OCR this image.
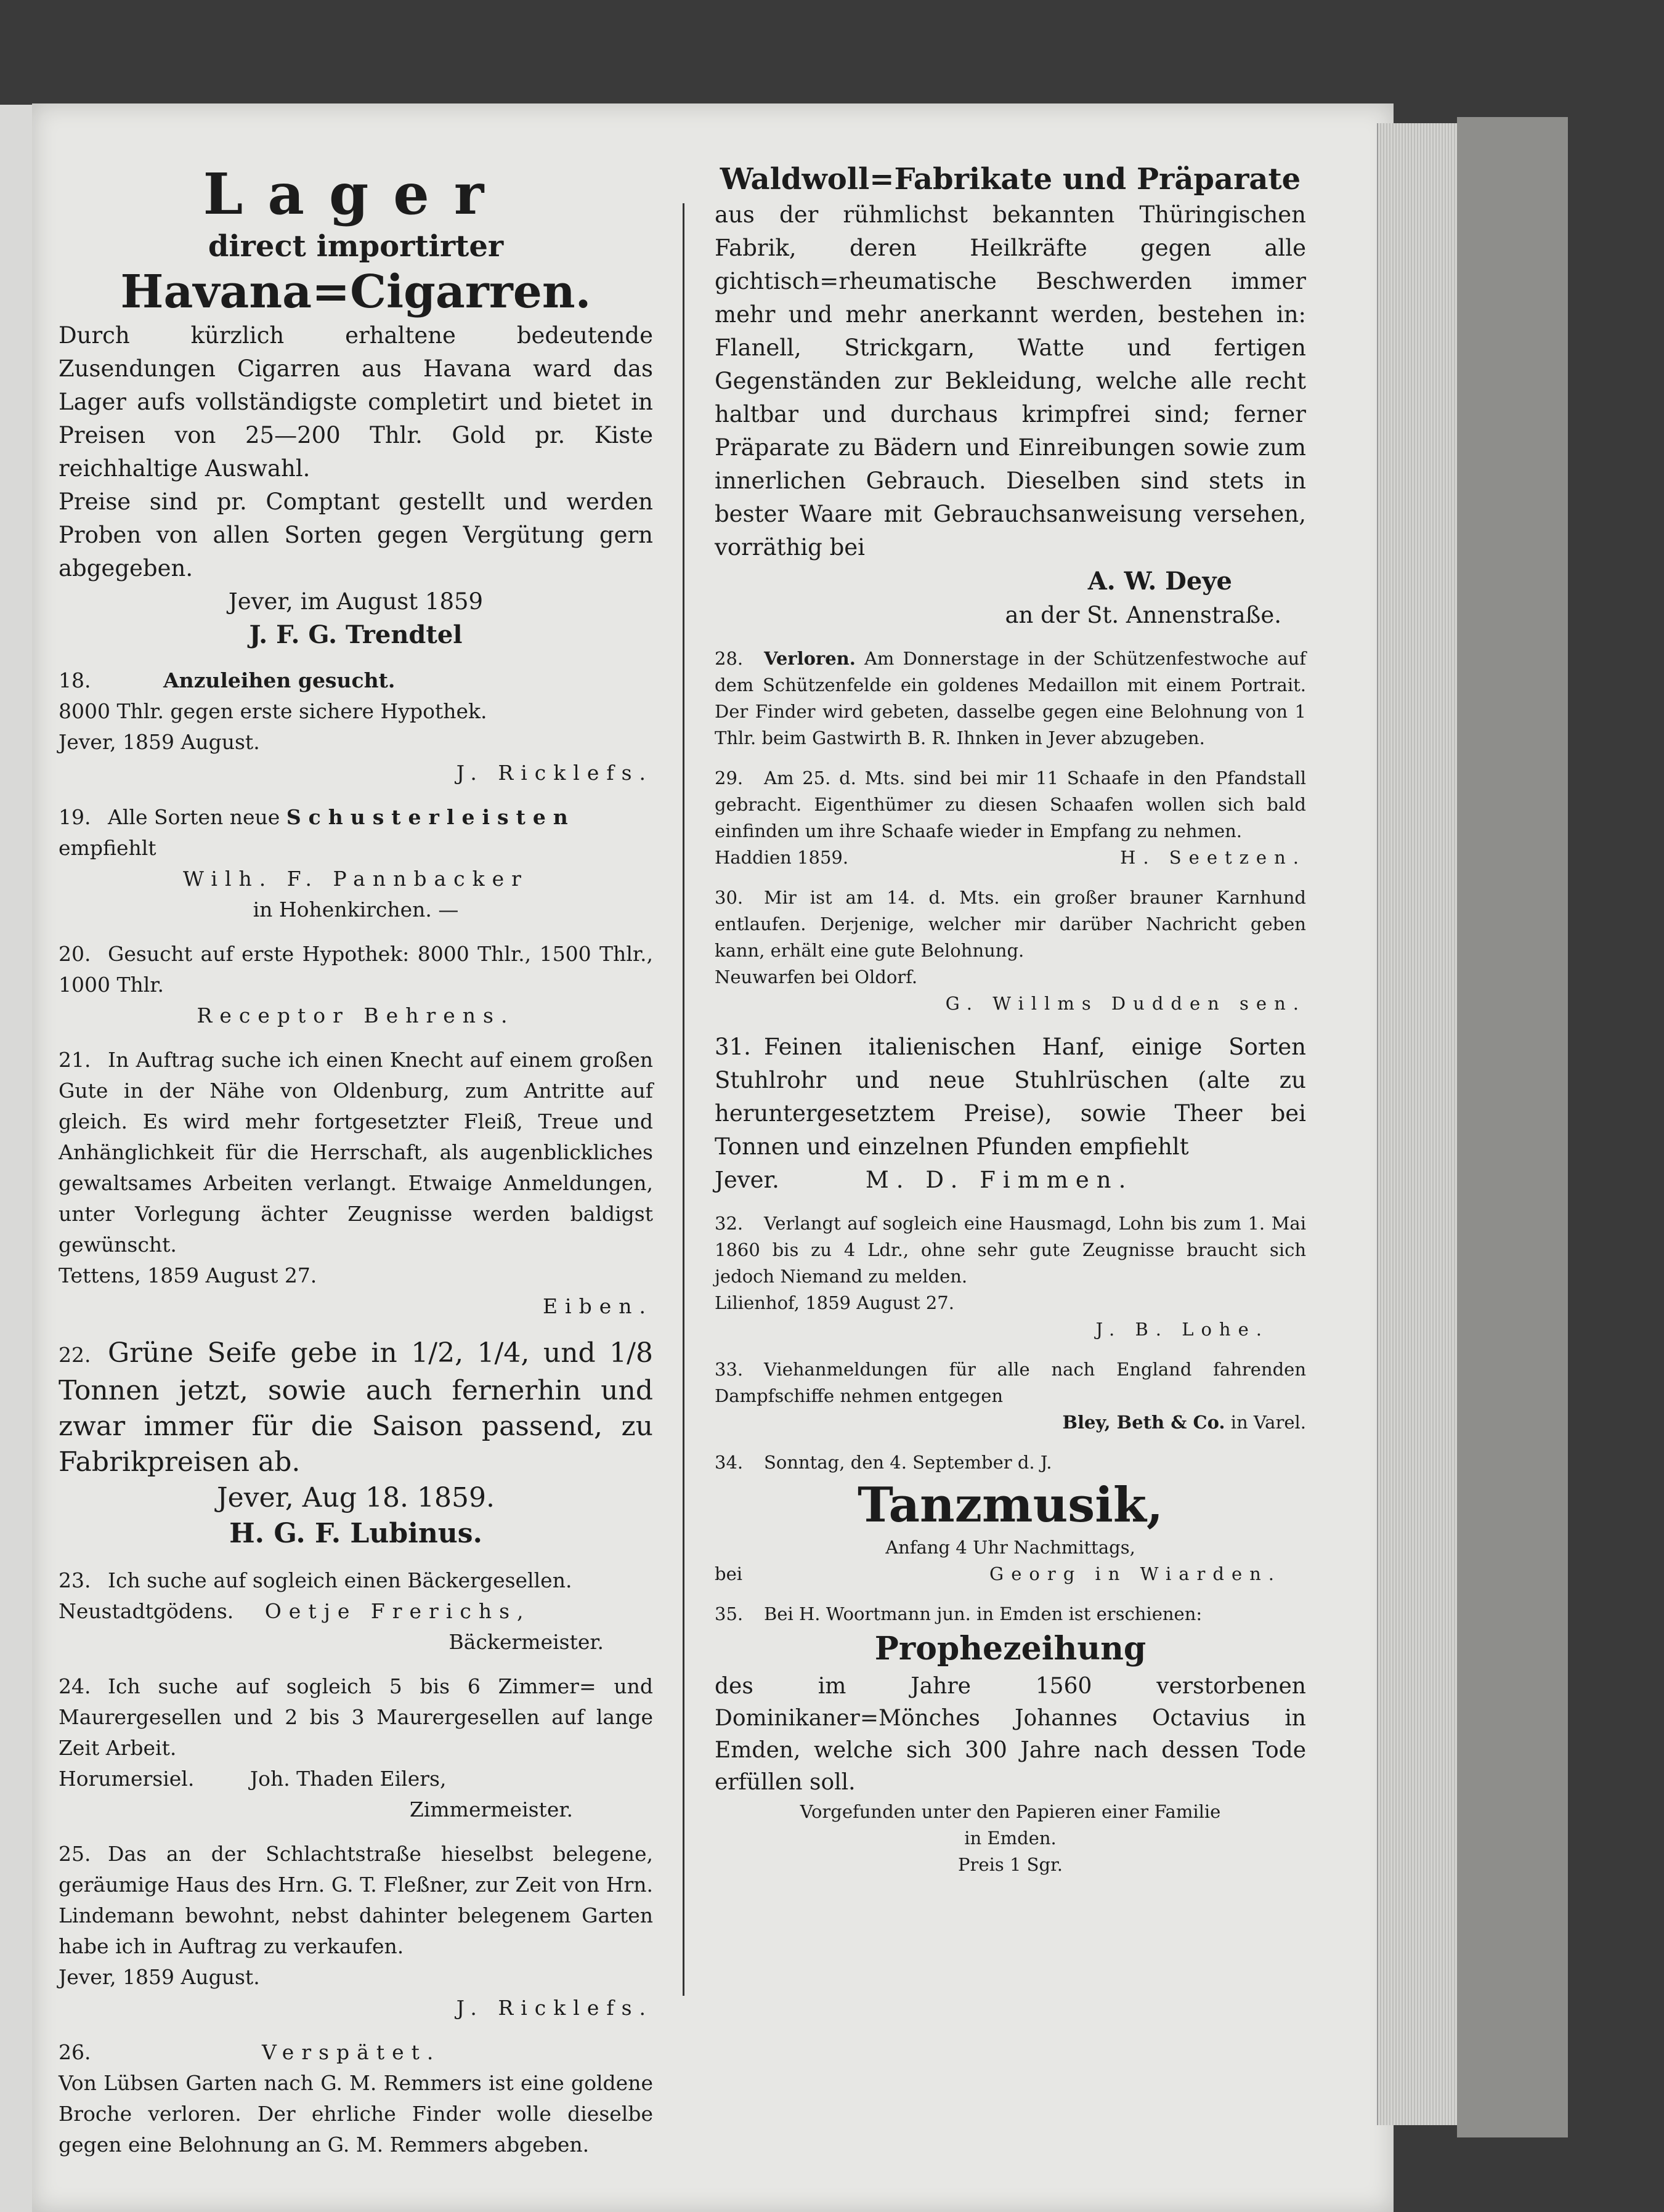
Lager
direct importirter
Havana=Cigarren.
Durch kürzlich erhaltene bedeutende Zusendungen Cigarren aus Havana ward das Lager aufs vollständigste completirt und bietet in Preisen von 25—200 Thlr. Gold pr. Kiste reichhaltige Auswahl.
Preise sind pr. Comptant gestellt und werden Proben von allen Sorten gegen Vergütung gern abgegeben.
Jever, im August 1859
J. F. G. Trendtel
18.	Anzuleihen gesucht.
8000 Thlr. gegen erste sichere Hypothek.
Jever, 1859 August.
J. Ricklefs.
19. Alle Sorten neue Schusterleisten
empfiehlt
Wilh. F. Pannbacker
in Hohenkirchen. —
20. Gesucht auf erste Hypothek: 8000 Thlr., 1500 Thlr., 1000 Thlr.
Receptor Behrens.
21. In Auftrag suche ich einen Knecht auf einem großen Gute in der Nähe von Oldenburg, zum Antritte auf gleich. Es wird mehr fortgesetzter Fleiß, Treue und Anhänglichkeit für die Herrschaft, als augenblickliches gewaltsames Arbeiten verlangt. Etwaige Anmeldungen, unter Vorlegung ächter Zeugnisse werden baldigst gewünscht.
Tettens, 1859 August 27.
Eiben.
22. Grüne Seife gebe in 1/2, 1/4, und 1/8 Tonnen jetzt, sowie auch fernerhin und zwar immer für die Saison passend, zu Fabrikpreisen ab.
Jever, Aug 18. 1859.
H. G. F. Lubinus.
23. Ich suche auf sogleich einen Bäckergesellen.
Neustadtgödens. Oetje Frerichs,
Bäckermeister.
24. Ich suche auf sogleich 5 bis 6 Zimmer= und Maurergesellen und 2 bis 3 Maurergesellen auf lange Zeit Arbeit.
Horumersiel.	Joh. Thaden Eilers,
Zimmermeister.
25. Das an der Schlachtstraße hieselbst belegene, geräumige Haus des Hrn. G. T. Fleßner, zur Zeit von Hrn. Lindemann bewohnt, nebst dahinter belegenem Garten habe ich in Auftrag zu verkaufen.
Jever, 1859 August.
J. Ricklefs.
26.	Verspätet.
Von Lübsen Garten nach G. M. Remmers ist eine goldene Broche verloren. Der ehrliche Finder wolle dieselbe gegen eine Belohnung an G. M. Remmers abgeben.
Waldwoll=Fabrikate und Präparate
aus der rühmlichst bekannten Thüringischen Fabrik, deren Heilkräfte gegen alle gichtisch=rheumatische Beschwerden immer mehr und mehr anerkannt werden, bestehen in: Flanell, Strickgarn, Watte und fertigen Gegenständen zur Bekleidung, welche alle recht haltbar und durchaus krimpfrei sind; ferner Präparate zu Bädern und Einreibungen sowie zum innerlichen Gebrauch. Dieselben sind stets in bester Waare mit Gebrauchsanweisung versehen, vorräthig bei
A. W. Deye
an der St. Annenstraße.
28. Verloren. Am Donnerstage in der Schützenfestwoche auf dem Schützenfelde ein goldenes Medaillon mit einem Portrait. Der Finder wird gebeten, dasselbe gegen eine Belohnung von 1 Thlr. beim Gastwirth B. R. Ihnken in Jever abzugeben.
29. Am 25. d. Mts. sind bei mir 11 Schaafe in den Pfandstall gebracht. Eigenthümer zu diesen Schaafen wollen sich bald einfinden um ihre Schaafe wieder in Empfang zu nehmen.
Haddien 1859.	H. Seetzen.
30. Mir ist am 14. d. Mts. ein großer brauner Karnhund entlaufen. Derjenige, welcher mir darüber Nachricht geben kann, erhält eine gute Belohnung.
Neuwarfen bei Oldorf.
G. Willms Dudden sen.
31. Feinen italienischen Hanf, einige Sorten Stuhlrohr und neue Stuhlrüschen (alte zu heruntergesetztem Preise), sowie Theer bei Tonnen und einzelnen Pfunden empfiehlt
Jever.	M. D. Fimmen.
32. Verlangt auf sogleich eine Hausmagd, Lohn bis zum 1. Mai 1860 bis zu 4 Ldr., ohne sehr gute Zeugnisse braucht sich jedoch Niemand zu melden.
Lilienhof, 1859 August 27.
J. B. Lohe.
33. Viehanmeldungen für alle nach England fahrenden Dampfschiffe nehmen entgegen
Bley, Beth & Co. in Varel.
34. Sonntag, den 4. September d. J.
Tanzmusik,
Anfang 4 Uhr Nachmittags,
bei	Georg in Wiarden.
35. Bei H. Woortmann jun. in Emden ist erschienen:
Prophezeihung
des im Jahre 1560 verstorbenen Dominikaner=Mönches Johannes Octavius in Emden, welche sich 300 Jahre nach dessen Tode erfüllen soll.
Vorgefunden unter den Papieren einer Familie
in Emden.
Preis 1 Sgr.
